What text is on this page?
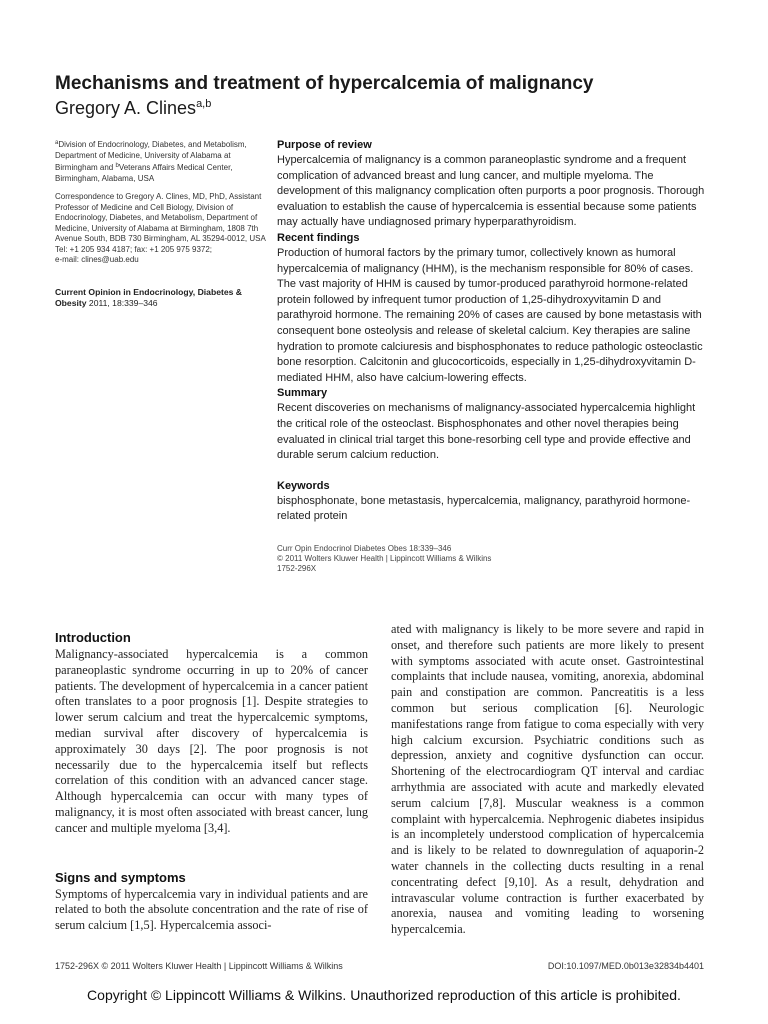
Mechanisms and treatment of hypercalcemia of malignancy
Gregory A. Clines$^{a,b}$

$^a$Division of Endocrinology, Diabetes, and Metabolism, Department of Medicine, University of Alabama at Birmingham and $^b$Veterans Affairs Medical Center, Birmingham, Alabama, USA

Correspondence to Gregory A. Clines, MD, PhD, Assistant Professor of Medicine and Cell Biology, Division of Endocrinology, Diabetes, and Metabolism, Department of Medicine, University of Alabama at Birmingham, 1808 7th Avenue South, BDB 730 Birmingham, AL 35294-0012, USA
Tel: +1 205 934 4187; fax: +1 205 975 9372;
e-mail: clines@uab.edu

Current Opinion in Endocrinology, Diabetes & Obesity 2011, 18:339–346
Purpose of review

Hypercalcemia of malignancy is a common paraneoplastic syndrome and a frequent complication of advanced breast and lung cancer, and multiple myeloma. The development of this malignancy complication often purports a poor prognosis. Thorough evaluation to establish the cause of hypercalcemia is essential because some patients may actually have undiagnosed primary hyperparathyroidism.

Recent findings

Production of humoral factors by the primary tumor, collectively known as humoral hypercalcemia of malignancy (HHM), is the mechanism responsible for 80% of cases. The vast majority of HHM is caused by tumor-produced parathyroid hormone-related protein followed by infrequent tumor production of 1,25-dihydroxyvitamin D and parathyroid hormone. The remaining 20% of cases are caused by bone metastasis with consequent bone osteolysis and release of skeletal calcium. Key therapies are saline hydration to promote calciuresis and bisphosphonates to reduce pathologic osteoclastic bone resorption. Calcitonin and glucocorticoids, especially in 1,25-dihydroxyvitamin D-mediated HHM, also have calcium-lowering effects.

Summary

Recent discoveries on mechanisms of malignancy-associated hypercalcemia highlight the critical role of the osteoclast. Bisphosphonates and other novel therapies being evaluated in clinical trial target this bone-resorbing cell type and provide effective and durable serum calcium reduction.

Keywords

bisphosphonate, bone metastasis, hypercalcemia, malignancy, parathyroid hormone-related protein

Curr Opin Endocrinol Diabetes Obes 18:339–346
© 2011 Wolters Kluwer Health | Lippincott Williams & Wilkins
1752-296X
Introduction

Malignancy-associated hypercalcemia is a common paraneoplastic syndrome occurring in up to 20% of cancer patients. The development of hypercalcemia in a cancer patient often translates to a poor prognosis [1]. Despite strategies to lower serum calcium and treat the hypercalcemic symptoms, median survival after discovery of hypercalcemia is approximately 30 days [2]. The poor prognosis is not necessarily due to the hypercalcemia itself but reflects correlation of this condition with an advanced cancer stage. Although hypercalcemia can occur with many types of malignancy, it is most often associated with breast cancer, lung cancer and multiple myeloma [3,4].

Signs and symptoms

Symptoms of hypercalcemia vary in individual patients and are related to both the absolute concentration and the rate of rise of serum calcium [1,5]. Hypercalcemia associ-

ated with malignancy is likely to be more severe and rapid in onset, and therefore such patients are more likely to present with symptoms associated with acute onset. Gastrointestinal complaints that include nausea, vomiting, anorexia, abdominal pain and constipation are common. Pancreatitis is a less common but serious complication [6]. Neurologic manifestations range from fatigue to coma especially with very high calcium excursion. Psychiatric conditions such as depression, anxiety and cognitive dysfunction can occur. Shortening of the electrocardiogram QT interval and cardiac arrhythmia are associated with acute and markedly elevated serum calcium [7,8]. Muscular weakness is a common complaint with hypercalcemia. Nephrogenic diabetes insipidus is an incompletely understood complication of hypercalcemia and is likely to be related to downregulation of aquaporin-2 water channels in the collecting ducts resulting in a renal concentrating defect [9,10]. As a result, dehydration and intravascular volume contraction is further exacerbated by anorexia, nausea and vomiting leading to worsening hypercalcemia.

1752-296X © 2011 Wolters Kluwer Health | Lippincott Williams & Wilkins	DOI:10.1097/MED.0b013e32834b4401
Copyright © Lippincott Williams & Wilkins. Unauthorized reproduction of this article is prohibited.
